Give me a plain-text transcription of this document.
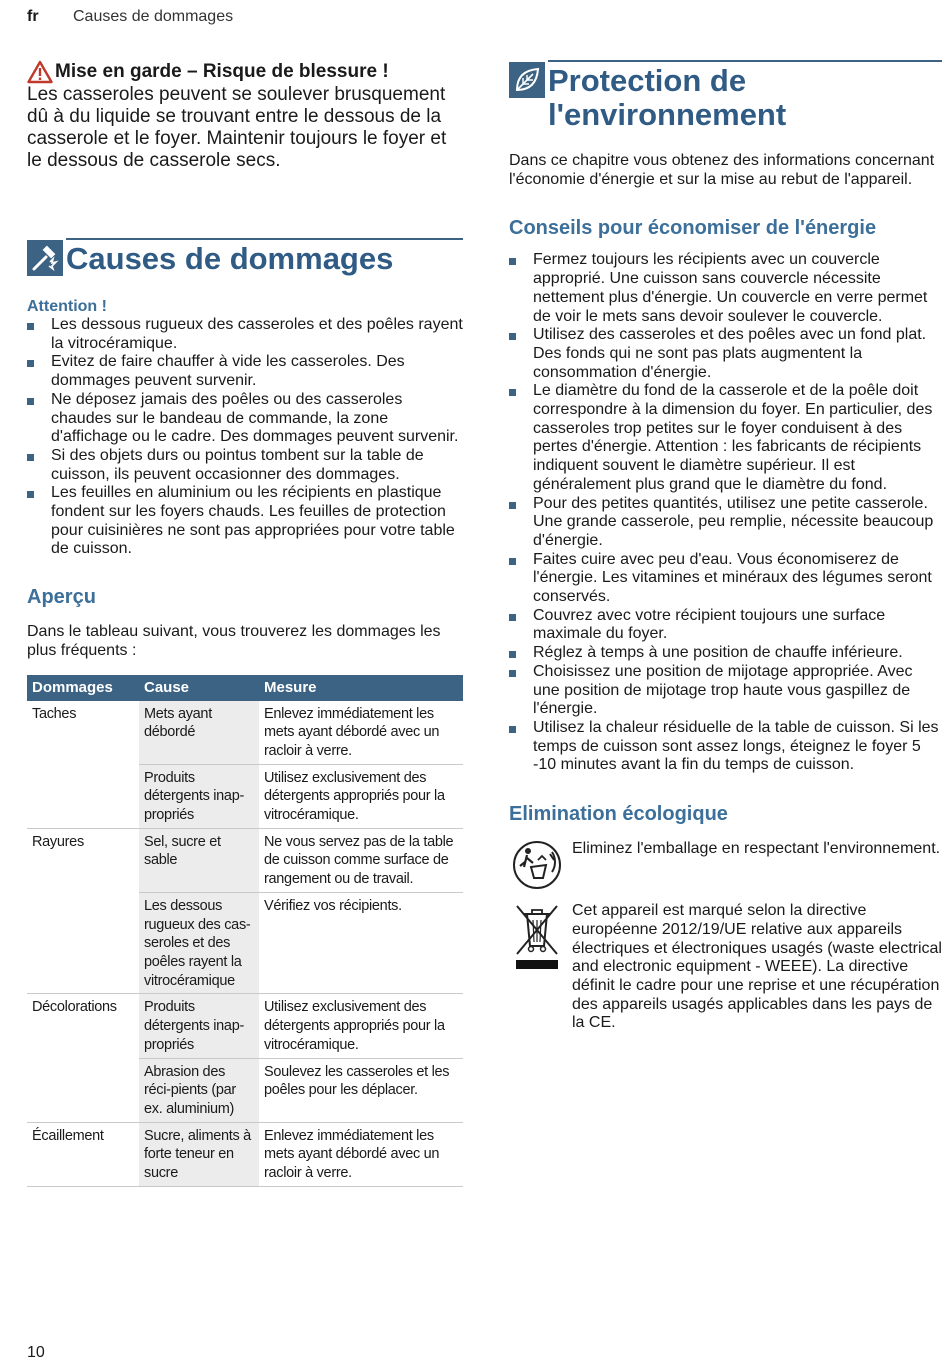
fr	Causes de dommages
Mise en garde – Risque de blessure !

Les casseroles peuvent se soulever brusquement dû à du liquide se trouvant entre le dessous de la casserole et le foyer. Maintenir toujours le foyer et le dessous de casserole secs.

Causes de dommages
Attention !
Les dessous rugueux des casseroles et des poêles rayent la vitrocéramique.
Evitez de faire chauffer à vide les casseroles. Des dommages peuvent survenir.
Ne déposez jamais des poêles ou des casseroles chaudes sur le bandeau de commande, la zone d'affichage ou le cadre. Des dommages peuvent survenir.
Si des objets durs ou pointus tombent sur la table de cuisson, ils peuvent occasionner des dommages.
Les feuilles en aluminium ou les récipients en plastique fondent sur les foyers chauds. Les feuilles de protection pour cuisinières ne sont pas appropriées pour votre table de cuisson.
Aperçu

Dans le tableau suivant, vous trouverez les dommages les plus fréquents :

Dommages	Cause	Mesure
Taches	Mets ayant débordé	Enlevez immédiatement les mets ayant débordé avec un racloir à verre.
	Produits détergents inap-propriés	Utilisez exclusivement des détergents appropriés pour la vitrocéramique.
Rayures	Sel, sucre et sable	Ne vous servez pas de la table de cuisson comme surface de rangement ou de travail.
	Les dessous rugueux des cas-seroles et des poêles rayent la vitrocéramique	Vérifiez vos récipients.
Décolorations	Produits détergents inap-propriés	Utilisez exclusivement des détergents appropriés pour la vitrocéramique.
	Abrasion des réci-pients (par ex. aluminium)	Soulevez les casseroles et les poêles pour les déplacer.
Écaillement	Sucre, aliments à forte teneur en sucre	Enlevez immédiatement les mets ayant débordé avec un racloir à verre.
Protection de
l'environnement

Dans ce chapitre vous obtenez des informations concernant l'économie d'énergie et sur la mise au rebut de l'appareil.

Conseils pour économiser de l'énergie
Fermez toujours les récipients avec un couvercle approprié. Une cuisson sans couvercle nécessite nettement plus d'énergie. Un couvercle en verre permet de voir le mets sans devoir soulever le couvercle.
Utilisez des casseroles et des poêles avec un fond plat. Des fonds qui ne sont pas plats augmentent la consommation d'énergie.
Le diamètre du fond de la casserole et de la poêle doit correspondre à la dimension du foyer. En particulier, des casseroles trop petites sur le foyer conduisent à des pertes d'énergie. Attention : les fabricants de récipients indiquent souvent le diamètre supérieur. Il est généralement plus grand que le diamètre du fond.
Pour des petites quantités, utilisez une petite casserole. Une grande casserole, peu remplie, nécessite beaucoup d'énergie.
Faites cuire avec peu d'eau. Vous économiserez de l'énergie. Les vitamines et minéraux des légumes seront conservés.
Couvrez avec votre récipient toujours une surface maximale du foyer.
Réglez à temps à une position de chauffe inférieure.
Choisissez une position de mijotage appropriée. Avec une position de mijotage trop haute vous gaspillez de l'énergie.
Utilisez la chaleur résiduelle de la table de cuisson. Si les temps de cuisson sont assez longs, éteignez le foyer 5 -10 minutes avant la fin du temps de cuisson.
Elimination écologique

Eliminez l'emballage en respectant l'environnement.

Cet appareil est marqué selon la directive européenne 2012/19/UE relative aux appareils électriques et électroniques usagés (waste electrical and electronic equipment - WEEE). La directive définit le cadre pour une reprise et une récupération des appareils usagés applicables dans les pays de la CE.

10
